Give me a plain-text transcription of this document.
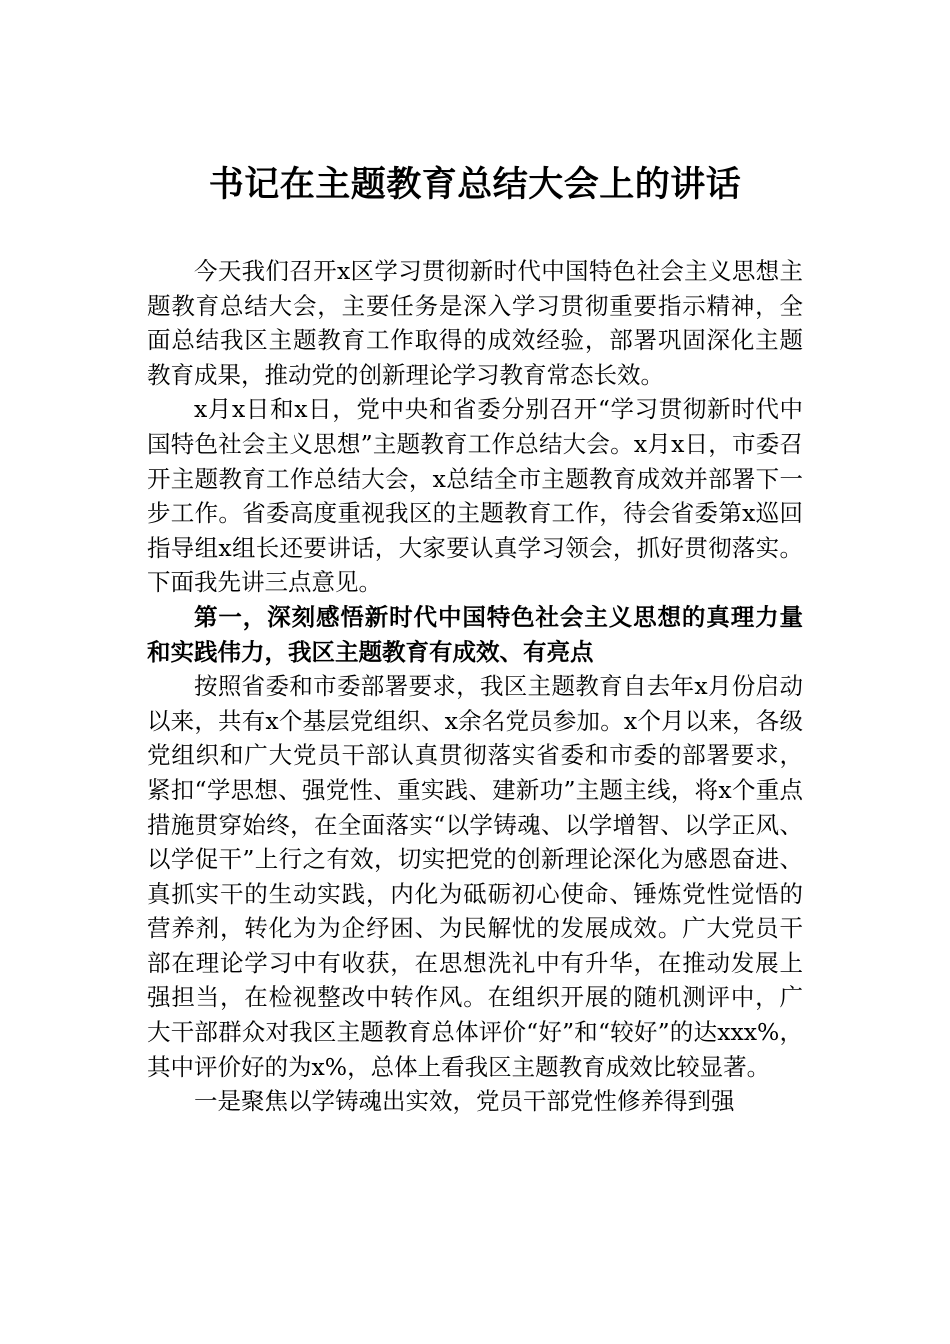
书记在主题教育总结大会上的讲话

今天我们召开x区学习贯彻新时代中国特色社会主义思想主题教育总结大会，主要任务是深入学习贯彻重要指示精神，全面总结我区主题教育工作取得的成效经验，部署巩固深化主题教育成果，推动党的创新理论学习教育常态长效。

x月x日和x日，党中央和省委分别召开“学习贯彻新时代中国特色社会主义思想”主题教育工作总结大会。x月x日，市委召开主题教育工作总结大会，x总结全市主题教育成效并部署下一步工作。省委高度重视我区的主题教育工作，待会省委第x巡回指导组x组长还要讲话，大家要认真学习领会，抓好贯彻落实。下面我先讲三点意见。

第一，深刻感悟新时代中国特色社会主义思想的真理力量和实践伟力，我区主题教育有成效、有亮点

按照省委和市委部署要求，我区主题教育自去年x月份启动以来，共有x个基层党组织、x余名党员参加。x个月以来，各级党组织和广大党员干部认真贯彻落实省委和市委的部署要求，紧扣“学思想、强党性、重实践、建新功”主题主线，将x个重点措施贯穿始终，在全面落实“以学铸魂、以学增智、以学正风、以学促干”上行之有效，切实把党的创新理论深化为感恩奋进、真抓实干的生动实践，内化为砥砺初心使命、锤炼党性觉悟的营养剂，转化为为企纾困、为民解忧的发展成效。广大党员干部在理论学习中有收获，在思想洗礼中有升华，在推动发展上强担当，在检视整改中转作风。在组织开展的随机测评中，广大干部群众对我区主题教育总体评价“好”和“较好”的达xxx%，其中评价好的为x%，总体上看我区主题教育成效比较显著。

一是聚焦以学铸魂出实效，党员干部党性修养得到强
